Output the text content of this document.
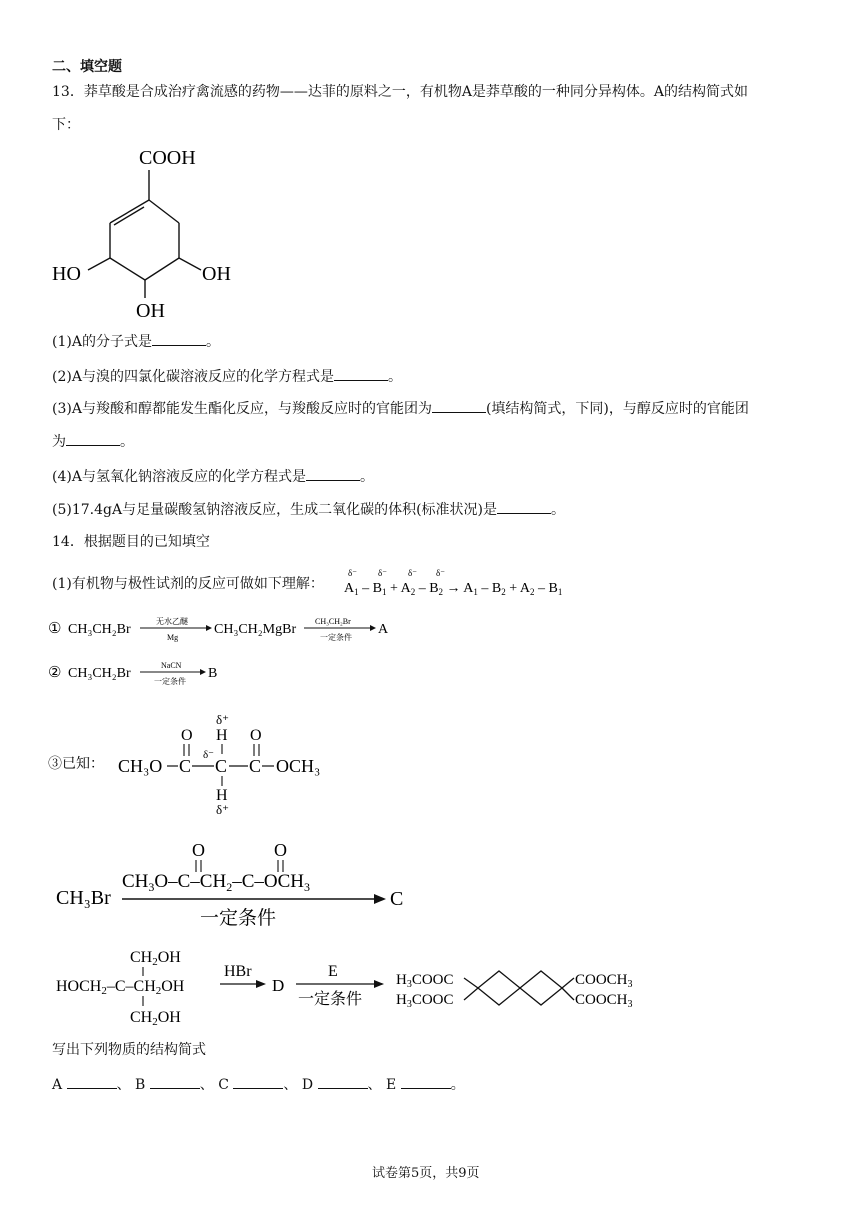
二、填空题
13．莽草酸是合成治疗禽流感的药物——达菲的原料之一，有机物A是莽草酸的一种同分异构体。A的结构简式如
下：
COOH
HO	OH
OH
(1)A的分子式是	。
(2)A与溴的四氯化碳溶液反应的化学方程式是	。
(3)A与羧酸和醇都能发生酯化反应，与羧酸反应时的官能团为	(填结构简式，下同)，与醇反应时的官能团
为	。
(4)A与氢氧化钠溶液反应的化学方程式是	。
(5)17.4gA与足量碳酸氢钠溶液反应，生成二氧化碳的体积(标准状况)是	。
14．根据题目的已知填空
(1)有机物与极性试剂的反应可做如下理解：
δ⁻ δ⁻ δ⁻ δ⁻
$A_1 - B_1 + A_2 - B_2 \to A_1 - B_2 + A_2 - B_1$
① CH₃CH₂Br
无水乙醚
Mg
CH₃CH₂MgBr
CH₃CH₂Br
一定条件
A
② CH₃CH₂Br
NaCN
一定条件
B
③已知： CH₃O C
O
δ⁻
C
H
δ⁺
H
δ⁺
C
O
OCH₃
CH₃Br
$CH_3O-C-CH_2-C-OCH_3$
O	O
一定条件
C
CH2OH
HOCH2–C–CH2OH
CH2OH
HBr
D
E
一定条件
$H_3COOC$
$H_3COOC$
$COOCH_3$
$COOCH_3$
写出下列物质的结构简式
A	、 B	、 C	、 D	、 E	。
试卷第5页，共9页
